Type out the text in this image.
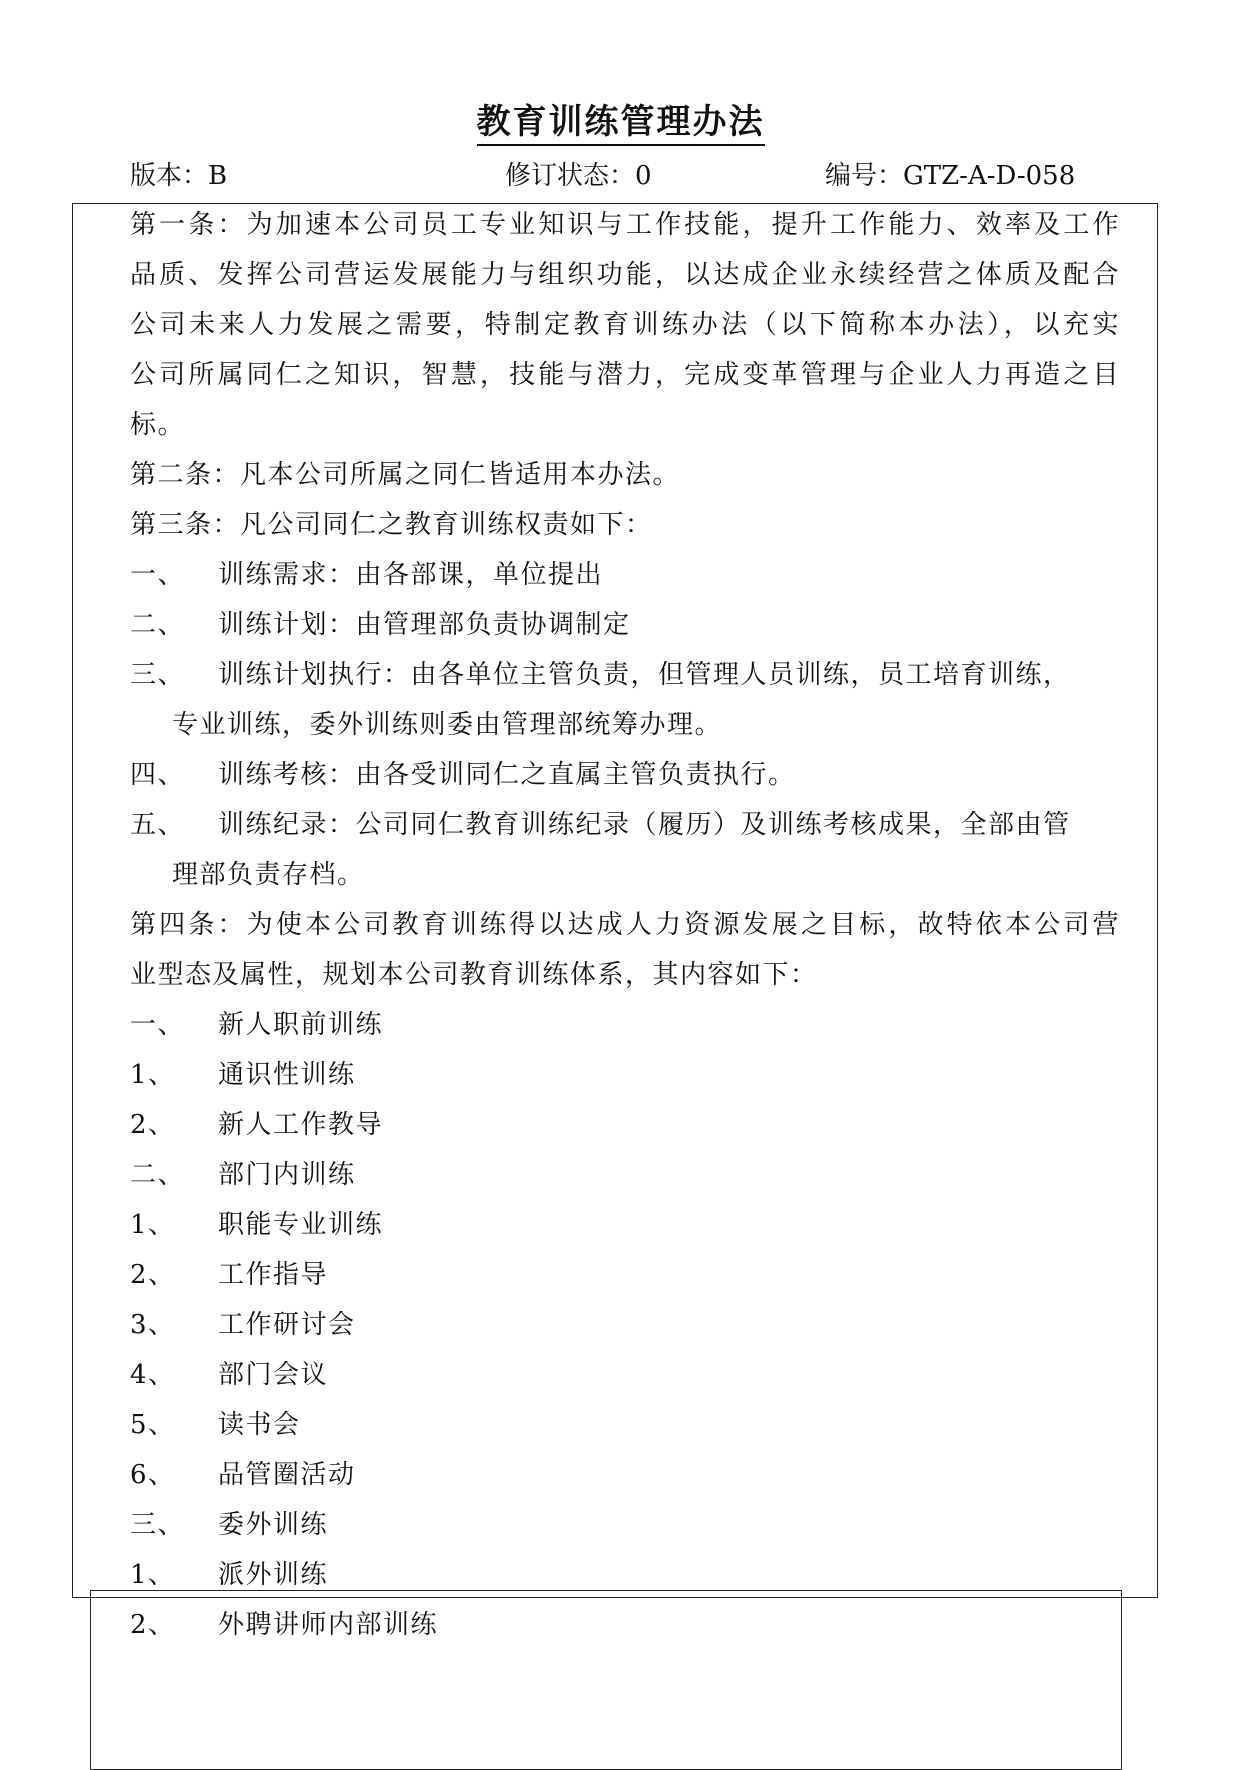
教育训练管理办法
版本：B	修订状态：0	编号：GTZ-A-D-058
第一条：为加速本公司员工专业知识与工作技能，提升工作能力、效率及工作
品质、发挥公司营运发展能力与组织功能，以达成企业永续经营之体质及配合
公司未来人力发展之需要，特制定教育训练办法（以下简称本办法），以充实
公司所属同仁之知识，智慧，技能与潜力，完成变革管理与企业人力再造之目
标。
第二条：凡本公司所属之同仁皆适用本办法。
第三条：凡公司同仁之教育训练权责如下：
一、 训练需求：由各部课，单位提出
二、 训练计划：由管理部负责协调制定
三、 训练计划执行：由各单位主管负责，但管理人员训练，员工培育训练，
专业训练，委外训练则委由管理部统筹办理。
四、 训练考核：由各受训同仁之直属主管负责执行。
五、 训练纪录：公司同仁教育训练纪录（履历）及训练考核成果，全部由管
理部负责存档。
第四条：为使本公司教育训练得以达成人力资源发展之目标，故特依本公司营
业型态及属性，规划本公司教育训练体系，其内容如下：
一、 新人职前训练
1、 通识性训练
2、 新人工作教导
二、 部门内训练
1、 职能专业训练
2、 工作指导
3、 工作研讨会
4、 部门会议
5、 读书会
6、 品管圈活动
三、 委外训练
1、 派外训练
2、 外聘讲师内部训练
